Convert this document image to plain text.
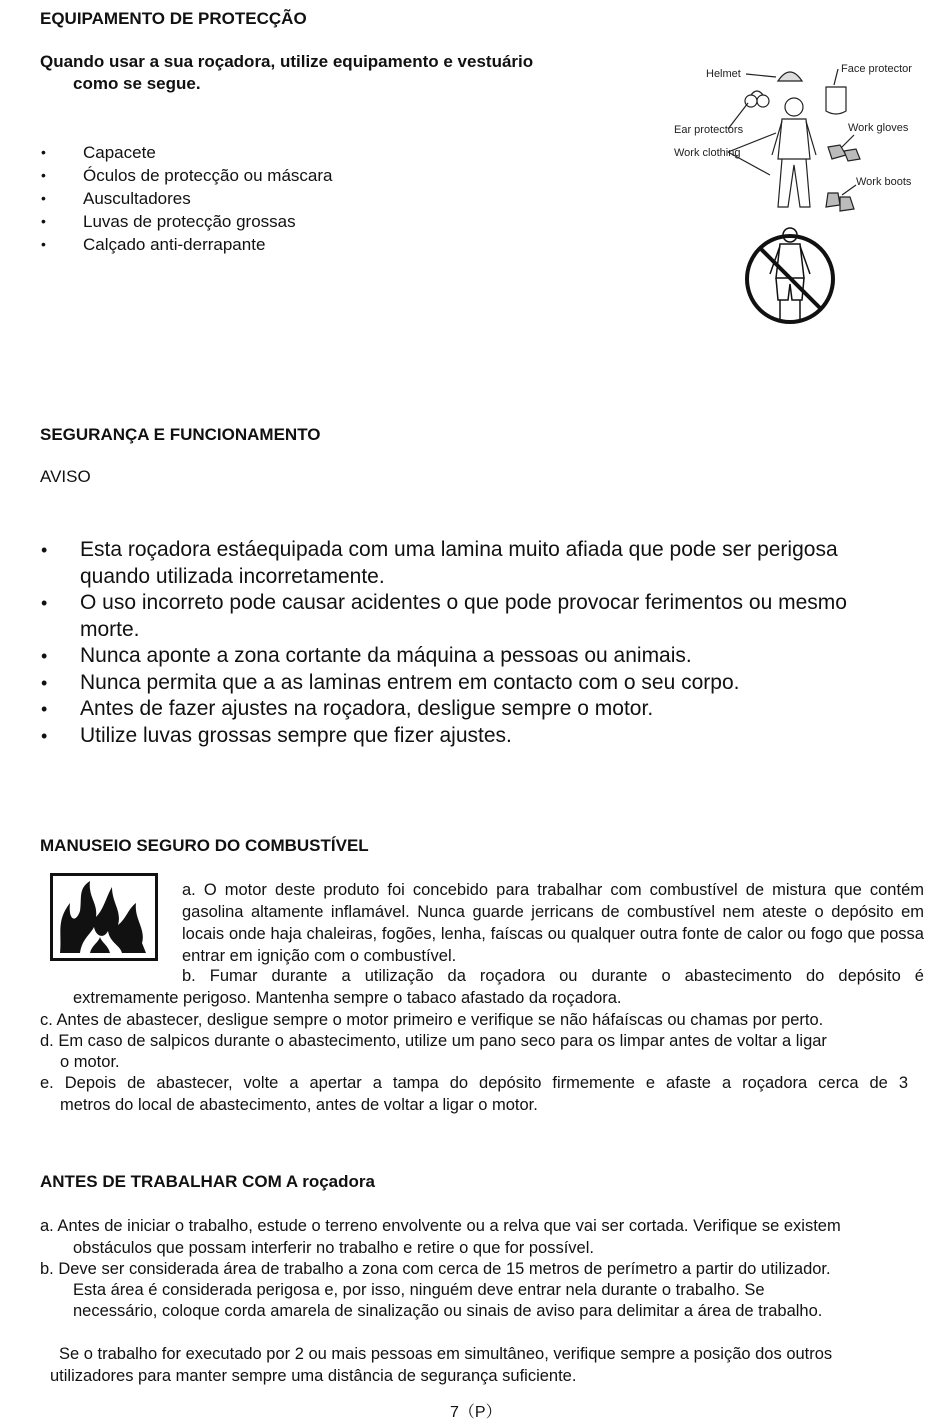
EQUIPAMENTO DE PROTECÇÃO
Quando usar a sua roçadora, utilize equipamento e vestuário
como se segue.
• Capacete
• Óculos de protecção ou máscara
• Auscultadores
• Luvas de protecção grossas
• Calçado anti-derrapante
Helmet	Face protector
Ear protectors	Work gloves
Work clothing
Work boots
SEGURANÇA E FUNCIONAMENTO
AVISO
• Esta roçadora estáequipada com uma lamina muito afiada que pode ser perigosa quando utilizada incorretamente.
• O uso incorreto pode causar acidentes o que pode provocar ferimentos ou mesmo morte.
• Nunca aponte a zona cortante da máquina a pessoas ou animais.
• Nunca permita que a as laminas entrem em contacto com o seu corpo.
• Antes de fazer ajustes na roçadora, desligue sempre o motor.
• Utilize luvas grossas sempre que fizer ajustes.
MANUSEIO SEGURO DO COMBUSTÍVEL
a. O motor deste produto foi concebido para trabalhar com combustível de mistura que contém gasolina altamente inflamável. Nunca guarde jerricans de combustível nem ateste o depósito em locais onde haja chaleiras, fogões, lenha, faíscas ou qualquer outra fonte de calor ou fogo que possa entrar em ignição com o combustível.
b. Fumar durante a utilização da roçadora ou durante o abastecimento do depósito é
extremamente perigoso. Mantenha sempre o tabaco afastado da roçadora.
c. Antes de abastecer, desligue sempre o motor primeiro e verifique se não háfaíscas ou chamas por perto.
d. Em caso de salpicos durante o abastecimento, utilize um pano seco para os limpar antes de voltar a ligar
o motor.
e. Depois de abastecer, volte a apertar a tampa do depósito firmemente e afaste a roçadora cerca de 3
metros do local de abastecimento, antes de voltar a ligar o motor.
ANTES DE TRABALHAR COM A roçadora
a. Antes de iniciar o trabalho, estude o terreno envolvente ou a relva que vai ser cortada. Verifique se existem
obstáculos que possam interferir no trabalho e retire o que for possível.
b. Deve ser considerada área de trabalho a zona com cerca de 15 metros de perímetro a partir do utilizador.
Esta área é considerada perigosa e, por isso, ninguém deve entrar nela durante o trabalho. Se
necessário, coloque corda amarela de sinalização ou sinais de aviso para delimitar a área de trabalho.
Se o trabalho for executado por 2 ou mais pessoas em simultâneo, verifique sempre a posição dos outros
utilizadores para manter sempre uma distância de segurança suficiente.
7（P）
